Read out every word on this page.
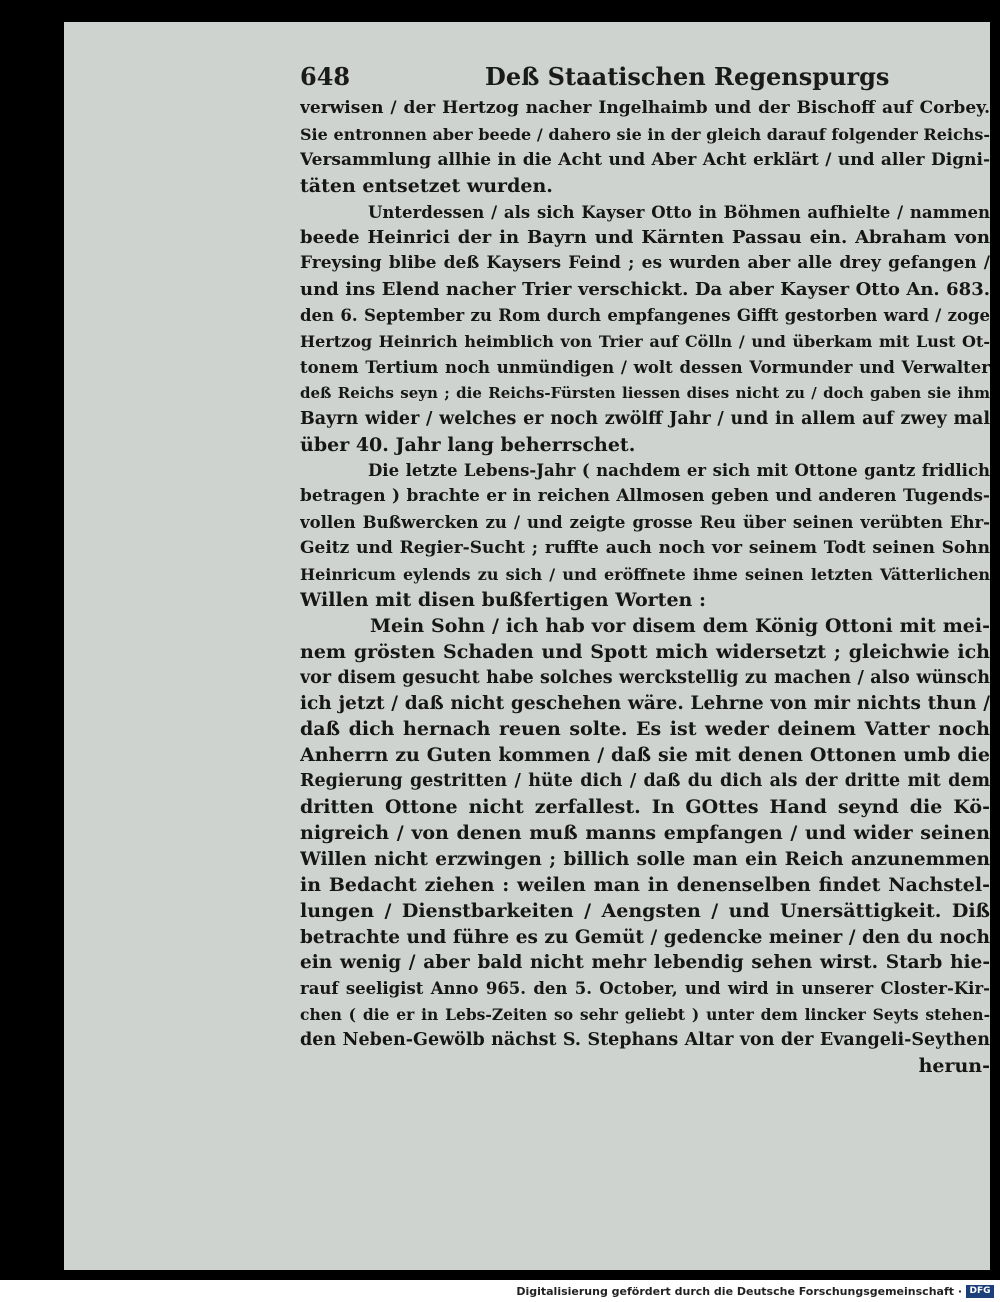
648	Deß Staatischen Regenspurgs
verwisen / der Hertzog nacher Ingelhaimb und der Bischoff auf Corbey.
Sie entronnen aber beede / dahero sie in der gleich darauf folgender Reichs-
Versammlung allhie in die Acht und Aber Acht erklärt / und aller Digni-
täten entsetzet wurden.
Unterdessen / als sich Kayser Otto in Böhmen aufhielte / nammen
beede Heinrici der in Bayrn und Kärnten Passau ein. Abraham von
Freysing blibe deß Kaysers Feind ; es wurden aber alle drey gefangen /
und ins Elend nacher Trier verschickt. Da aber Kayser Otto An. 683.
den 6. September zu Rom durch empfangenes Gifft gestorben ward / zoge
Hertzog Heinrich heimblich von Trier auf Cölln / und überkam mit Lust Ot-
tonem Tertium noch unmündigen / wolt dessen Vormunder und Verwalter
deß Reichs seyn ; die Reichs-Fürsten liessen dises nicht zu / doch gaben sie ihm
Bayrn wider / welches er noch zwölff Jahr / und in allem auf zwey mal
über 40. Jahr lang beherrschet.
Die letzte Lebens-Jahr ( nachdem er sich mit Ottone gantz fridlich
betragen ) brachte er in reichen Allmosen geben und anderen Tugends-
vollen Bußwercken zu / und zeigte grosse Reu über seinen verübten Ehr-
Geitz und Regier-Sucht ; ruffte auch noch vor seinem Todt seinen Sohn
Heinricum eylends zu sich / und eröffnete ihme seinen letzten Vätterlichen
Willen mit disen bußfertigen Worten :
Mein Sohn / ich hab vor disem dem König Ottoni mit mei-
nem grösten Schaden und Spott mich widersetzt ; gleichwie ich
vor disem gesucht habe solches werckstellig zu machen / also wünsch
ich jetzt / daß nicht geschehen wäre. Lehrne von mir nichts thun /
daß dich hernach reuen solte. Es ist weder deinem Vatter noch
Anherrn zu Guten kommen / daß sie mit denen Ottonen umb die
Regierung gestritten / hüte dich / daß du dich als der dritte mit dem
dritten Ottone nicht zerfallest. In GOttes Hand seynd die Kö-
nigreich / von denen muß manns empfangen / und wider seinen
Willen nicht erzwingen ; billich solle man ein Reich anzunemmen
in Bedacht ziehen : weilen man in denenselben findet Nachstel-
lungen / Dienstbarkeiten / Aengsten / und Unersättigkeit. Diß
betrachte und führe es zu Gemüt / gedencke meiner / den du noch
ein wenig / aber bald nicht mehr lebendig sehen wirst. Starb hie-
rauf seeligist Anno 965. den 5. October, und wird in unserer Closter-Kir-
chen ( die er in Lebs-Zeiten so sehr geliebt ) unter dem lincker Seyts stehen-
den Neben-Gewölb nächst S. Stephans Altar von der Evangeli-Seythen
herun-
Digitalisierung gefördert durch die Deutsche Forschungsgemeinschaft · DFG
